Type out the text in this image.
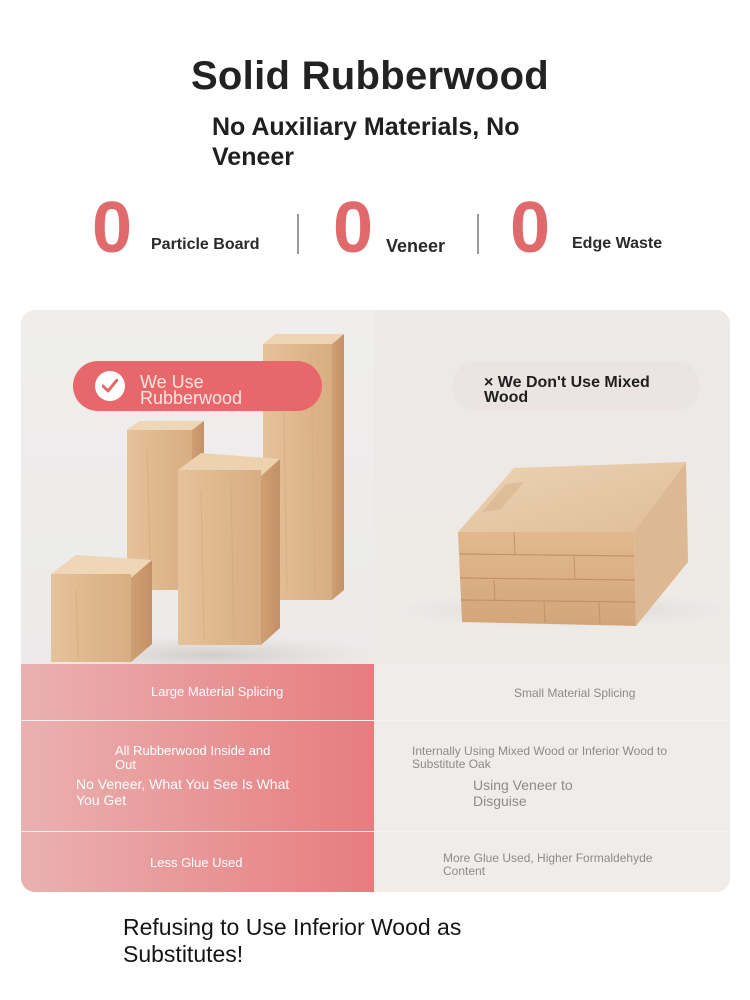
Solid Rubberwood
No Auxiliary Materials, No Veneer
0 Particle Board 0 Veneer 0 Edge Waste
We Use Rubberwood
× We Don't Use Mixed Wood
Large Material Splicing	Small Material Splicing
All Rubberwood Inside and Out
No Veneer, What You See Is What You Get
Internally Using Mixed Wood or Inferior Wood to Substitute Oak
Using Veneer to Disguise
Less Glue Used	More Glue Used, Higher Formaldehyde Content
Refusing to Use Inferior Wood as Substitutes!
